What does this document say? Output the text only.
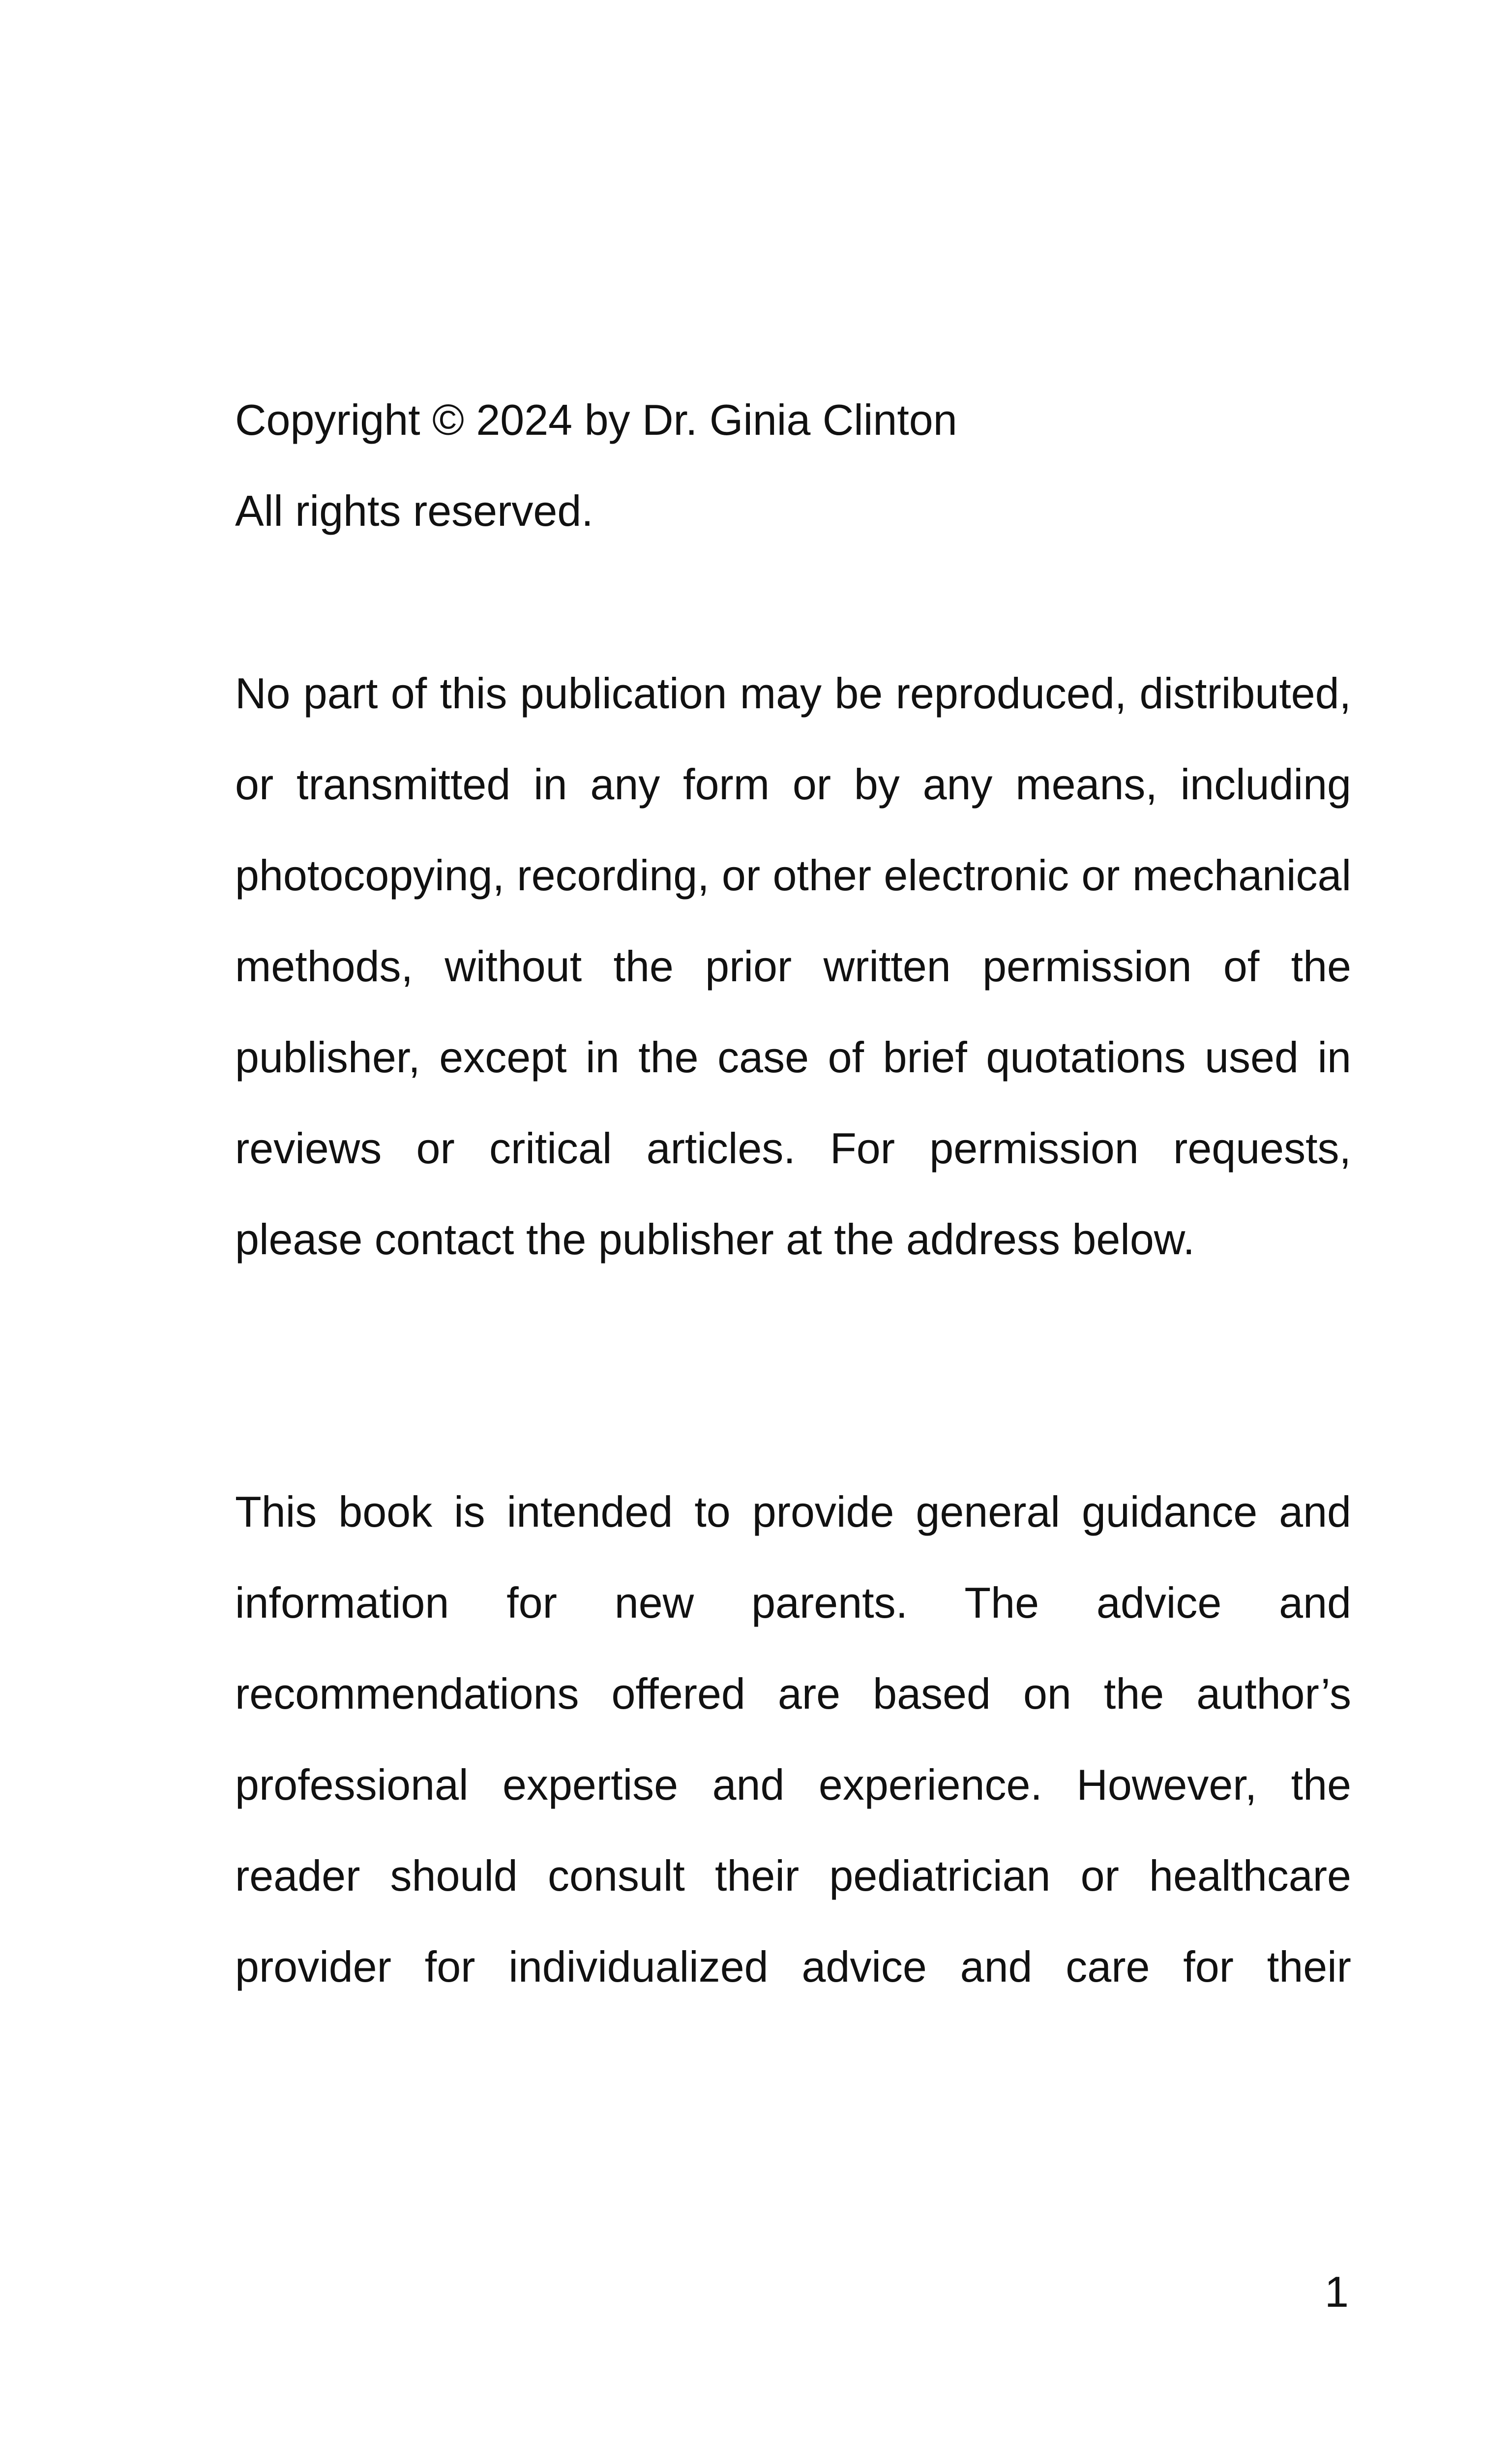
Copyright © 2024 by Dr. Ginia Clinton
All rights reserved.

No part of this publication may be reproduced, distributed, or transmitted in any form or by any means, including photocopying, recording, or other electronic or mechanical methods, without the prior written permission of the publisher, except in the case of brief quotations used in reviews or critical articles. For permission requests, please contact the publisher at the address below.

This book is intended to provide general guidance and information for new parents. The advice and recommendations offered are based on the author’s professional expertise and experience. However, the reader should consult their pediatrician or healthcare provider for individualized advice and care for their

1
